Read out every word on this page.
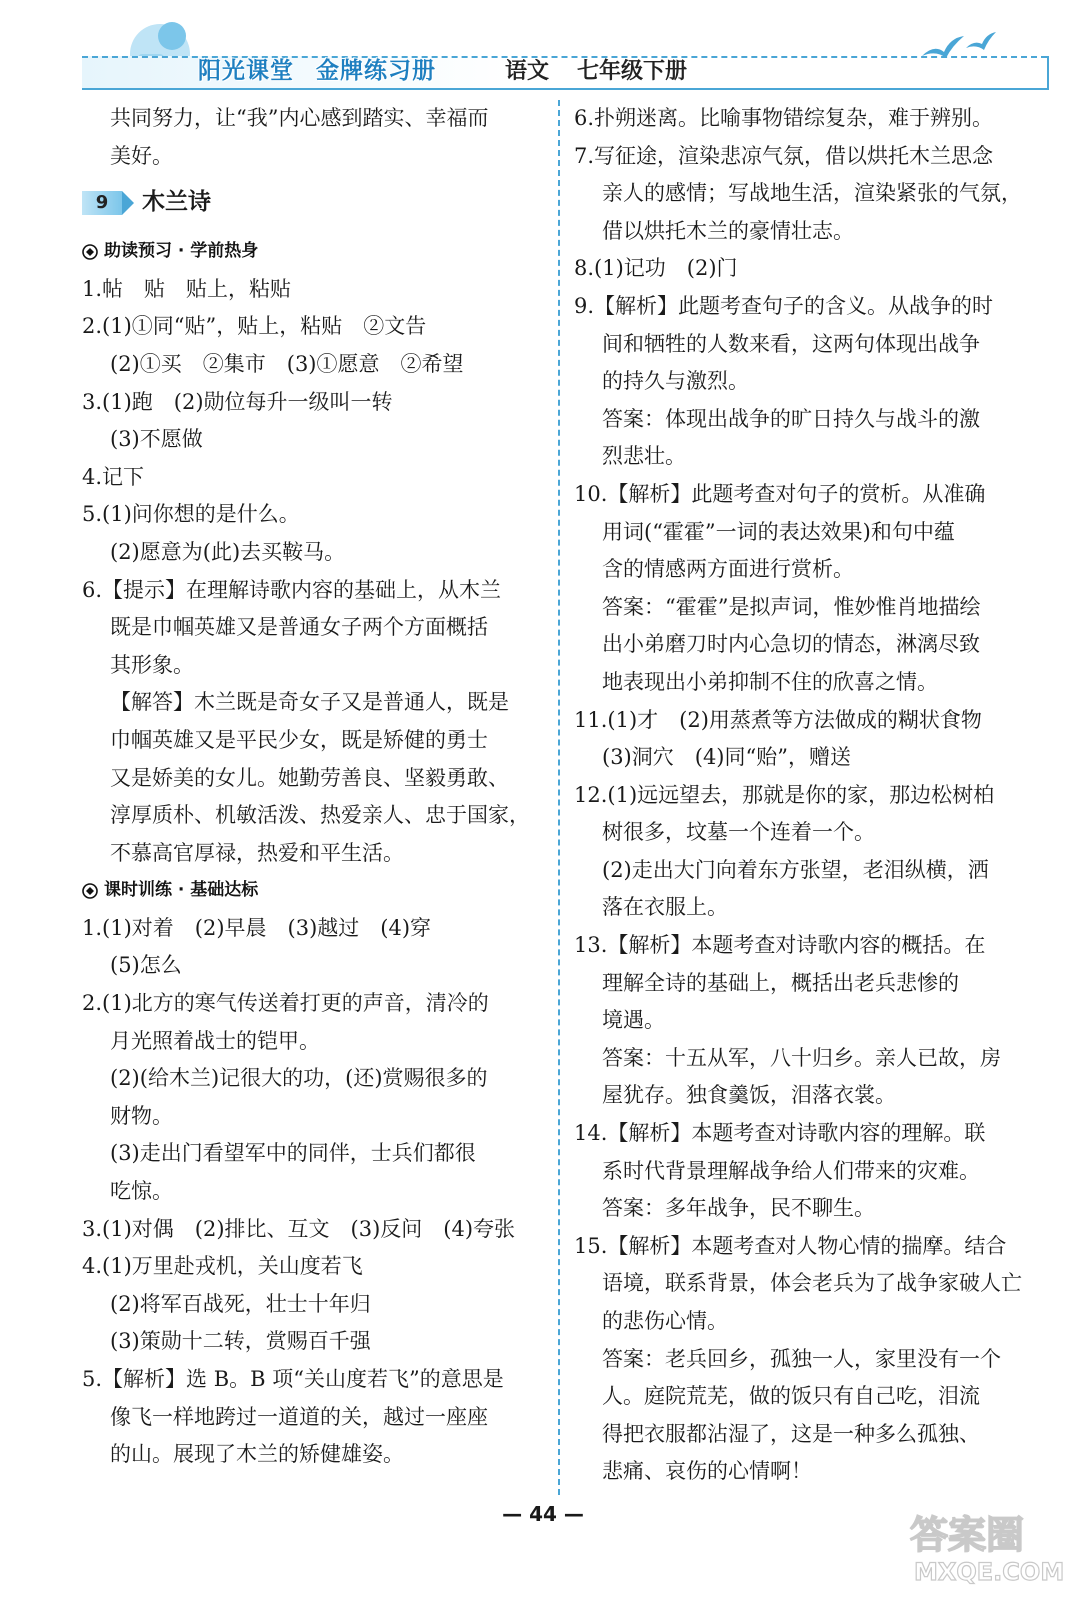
阳光课堂 金牌练习册	语文 七年级下册
共同努力，让“我”内心感到踏实、幸福而
美好。
9	木兰诗
助读预习 · 学前热身
1.帖　贴　贴上，粘贴
2.(1)①同“贴”，贴上，粘贴　②文告
(2)①买　②集市　(3)①愿意　②希望
3.(1)跑　(2)勋位每升一级叫一转
(3)不愿做
4.记下
5.(1)问你想的是什么。
(2)愿意为(此)去买鞍马。
6.【提示】在理解诗歌内容的基础上，从木兰
既是巾帼英雄又是普通女子两个方面概括
其形象。
【解答】木兰既是奇女子又是普通人，既是
巾帼英雄又是平民少女，既是矫健的勇士
又是娇美的女儿。她勤劳善良、坚毅勇敢、
淳厚质朴、机敏活泼、热爱亲人、忠于国家，
不慕高官厚禄，热爱和平生活。
课时训练 · 基础达标
1.(1)对着　(2)早晨　(3)越过　(4)穿
(5)怎么
2.(1)北方的寒气传送着打更的声音，清冷的
月光照着战士的铠甲。
(2)(给木兰)记很大的功，(还)赏赐很多的
财物。
(3)走出门看望军中的同伴，士兵们都很
吃惊。
3.(1)对偶　(2)排比、互文　(3)反问　(4)夸张
4.(1)万里赴戎机，关山度若飞
(2)将军百战死，壮士十年归
(3)策勋十二转，赏赐百千强
5.【解析】选 B。B 项“关山度若飞”的意思是
像飞一样地跨过一道道的关，越过一座座
的山。展现了木兰的矫健雄姿。
6.扑朔迷离。比喻事物错综复杂，难于辨别。
7.写征途，渲染悲凉气氛，借以烘托木兰思念
亲人的感情；写战地生活，渲染紧张的气氛，
借以烘托木兰的豪情壮志。
8.(1)记功　(2)门
9.【解析】此题考查句子的含义。从战争的时
间和牺牲的人数来看，这两句体现出战争
的持久与激烈。
答案：体现出战争的旷日持久与战斗的激
烈悲壮。
10.【解析】此题考查对句子的赏析。从准确
用词(“霍霍”一词的表达效果)和句中蕴
含的情感两方面进行赏析。
答案：“霍霍”是拟声词，惟妙惟肖地描绘
出小弟磨刀时内心急切的情态，淋漓尽致
地表现出小弟抑制不住的欣喜之情。
11.(1)才　(2)用蒸煮等方法做成的糊状食物
(3)洞穴　(4)同“贻”，赠送
12.(1)远远望去，那就是你的家，那边松树柏
树很多，坟墓一个连着一个。
(2)走出大门向着东方张望，老泪纵横，洒
落在衣服上。
13.【解析】本题考查对诗歌内容的概括。在
理解全诗的基础上，概括出老兵悲惨的
境遇。
答案：十五从军，八十归乡。亲人已故，房
屋犹存。独食羹饭，泪落衣裳。
14.【解析】本题考查对诗歌内容的理解。联
系时代背景理解战争给人们带来的灾难。
答案：多年战争，民不聊生。
15.【解析】本题考查对人物心情的揣摩。结合
语境，联系背景，体会老兵为了战争家破人亡
的悲伤心情。
答案：老兵回乡，孤独一人，家里没有一个
人。庭院荒芜，做的饭只有自己吃，泪流
得把衣服都沾湿了，这是一种多么孤独、
悲痛、哀伤的心情啊！
— 44 —	答案圈
MXQE.COM
